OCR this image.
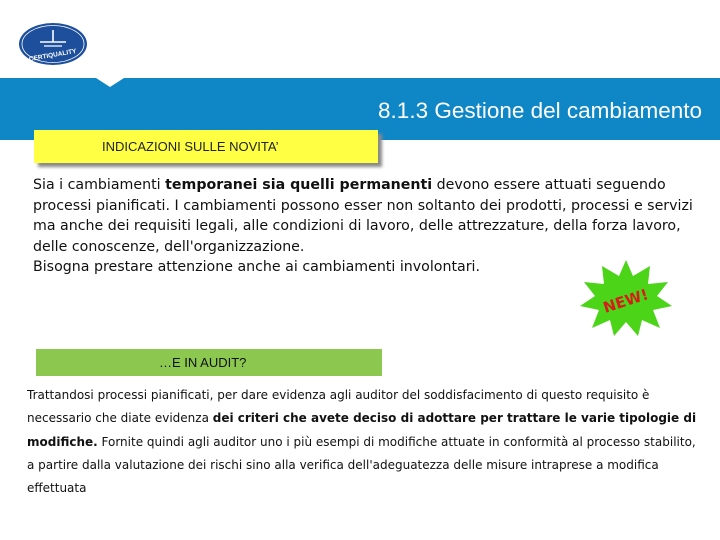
CERTIQUALITY
8.1.3 Gestione del cambiamento
INDICAZIONI SULLE NOVITA’
Sia i cambiamenti temporanei sia quelli permanenti devono essere attuati seguendo processi pianificati. I cambiamenti possono esser non soltanto dei prodotti, processi e servizi ma anche dei requisiti legali, alle condizioni di lavoro, delle attrezzature, della forza lavoro, delle conoscenze, dell'organizzazione.
Bisogna prestare attenzione anche ai cambiamenti involontari.
NEW!
…E IN AUDIT?
Trattandosi processi pianificati, per dare evidenza agli auditor del soddisfacimento di questo requisito è necessario che diate evidenza dei criteri che avete deciso di adottare per trattare le varie tipologie di modifiche. Fornite quindi agli auditor uno i più esempi di modifiche attuate in conformità al processo stabilito, a partire dalla valutazione dei rischi sino alla verifica dell'adeguatezza delle misure intraprese a modifica effettuata
